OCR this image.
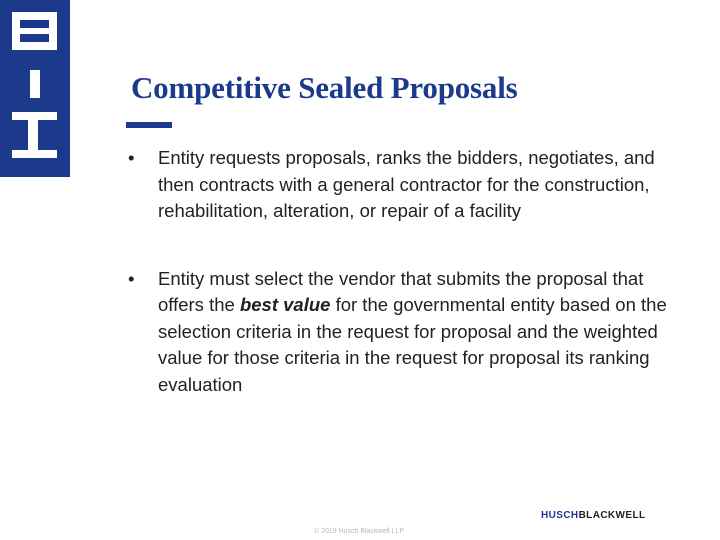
Competitive Sealed Proposals
• Entity requests proposals, ranks the bidders, negotiates, and then contracts with a general contractor for the construction, rehabilitation, alteration, or repair of a facility
• Entity must select the vendor that submits the proposal that offers the best value for the governmental entity based on the selection criteria in the request for proposal and the weighted value for those criteria in the request for proposal its ranking evaluation
© 2019 Husch Blackwell LLP
HUSCHBLACKWELL
